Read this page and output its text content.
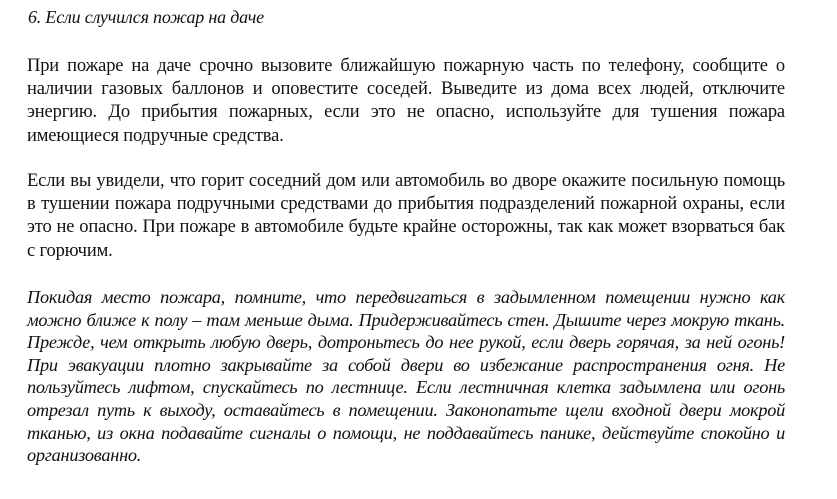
6. Если случился пожар на даче

При пожаре на даче срочно вызовите ближайшую пожарную часть по телефону, сообщите о наличии газовых баллонов и оповестите соседей. Выведите из дома всех людей, отключите энергию. До прибытия пожарных, если это не опасно, используйте для тушения пожара имеющиеся подручные средства.

Если вы увидели, что горит соседний дом или автомобиль во дворе окажите посильную помощь в тушении пожара подручными средствами до прибытия подразделений пожарной охраны, если это не опасно. При пожаре в автомобиле будьте крайне осторожны, так как может взорваться бак с горючим.

Покидая место пожара, помните, что передвигаться в задымленном помещении нужно как можно ближе к полу – там меньше дыма. Придерживайтесь стен. Дышите через мокрую ткань. Прежде, чем открыть любую дверь, дотроньтесь до нее рукой, если дверь горячая, за ней огонь! При эвакуации плотно закрывайте за собой двери во избежание распространения огня. Не пользуйтесь лифтом, спускайтесь по лестнице. Если лестничная клетка задымлена или огонь отрезал путь к выходу, оставайтесь в помещении. Законопатьте щели входной двери мокрой тканью, из окна подавайте сигналы о помощи, не поддавайтесь панике, действуйте спокойно и организованно.
